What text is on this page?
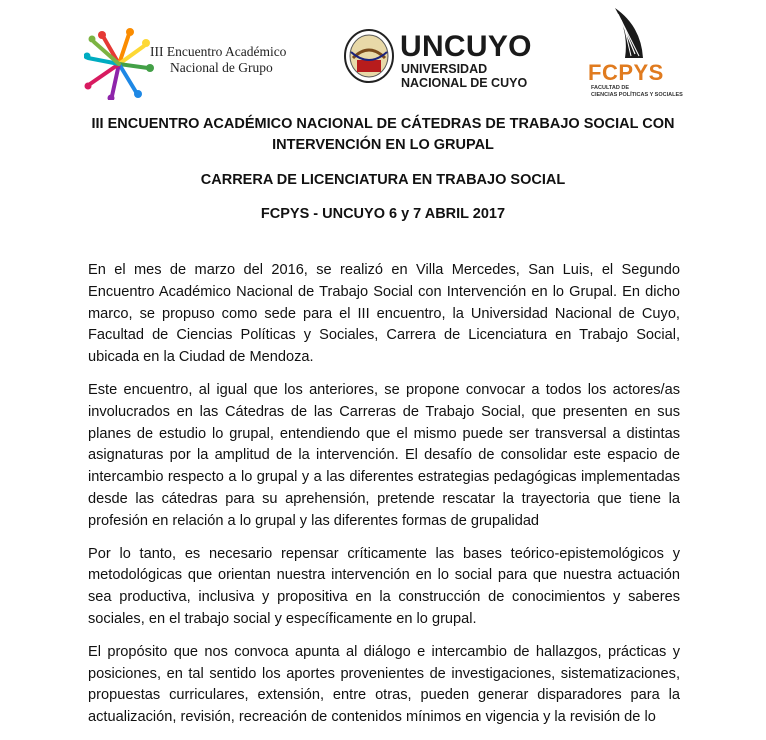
III Encuentro Académico
Nacional de Grupo
UNCUYO
UNIVERSIDAD
NACIONAL DE CUYO	FCPYS
FACULTAD DE
CIENCIAS POLÍTICAS Y SOCIALES
III ENCUENTRO ACADÉMICO NACIONAL DE CÁTEDRAS DE TRABAJO SOCIAL CON INTERVENCIÓN EN LO GRUPAL
CARRERA DE LICENCIATURA EN TRABAJO SOCIAL
FCPYS - UNCUYO 6 y 7 ABRIL 2017

En el mes de marzo del 2016, se realizó en Villa Mercedes, San Luis, el Segundo Encuentro Académico Nacional de Trabajo Social con Intervención en lo Grupal. En dicho marco, se propuso como sede para el III encuentro, la Universidad Nacional de Cuyo, Facultad de Ciencias Políticas y Sociales, Carrera de Licenciatura en Trabajo Social, ubicada en la Ciudad de Mendoza.

Este encuentro, al igual que los anteriores, se propone convocar a todos los actores/as involucrados en las Cátedras de las Carreras de Trabajo Social, que presenten en sus planes de estudio lo grupal, entendiendo que el mismo puede ser transversal a distintas asignaturas por la amplitud de la intervención. El desafío de consolidar este espacio de intercambio respecto a lo grupal y a las diferentes estrategias pedagógicas implementadas desde las cátedras para su aprehensión, pretende rescatar la trayectoria que tiene la profesión en relación a lo grupal y las diferentes formas de grupalidad

Por lo tanto, es necesario repensar críticamente las bases teórico-epistemológicos y metodológicas que orientan nuestra intervención en lo social para que nuestra actuación sea productiva, inclusiva y propositiva en la construcción de conocimientos y saberes sociales, en el trabajo social y específicamente en lo grupal.

El propósito que nos convoca apunta al diálogo e intercambio de hallazgos, prácticas y posiciones, en tal sentido los aportes provenientes de investigaciones, sistematizaciones, propuestas curriculares, extensión, entre otras, pueden generar disparadores para la actualización, revisión, recreación de contenidos mínimos en vigencia y la revisión de lo
